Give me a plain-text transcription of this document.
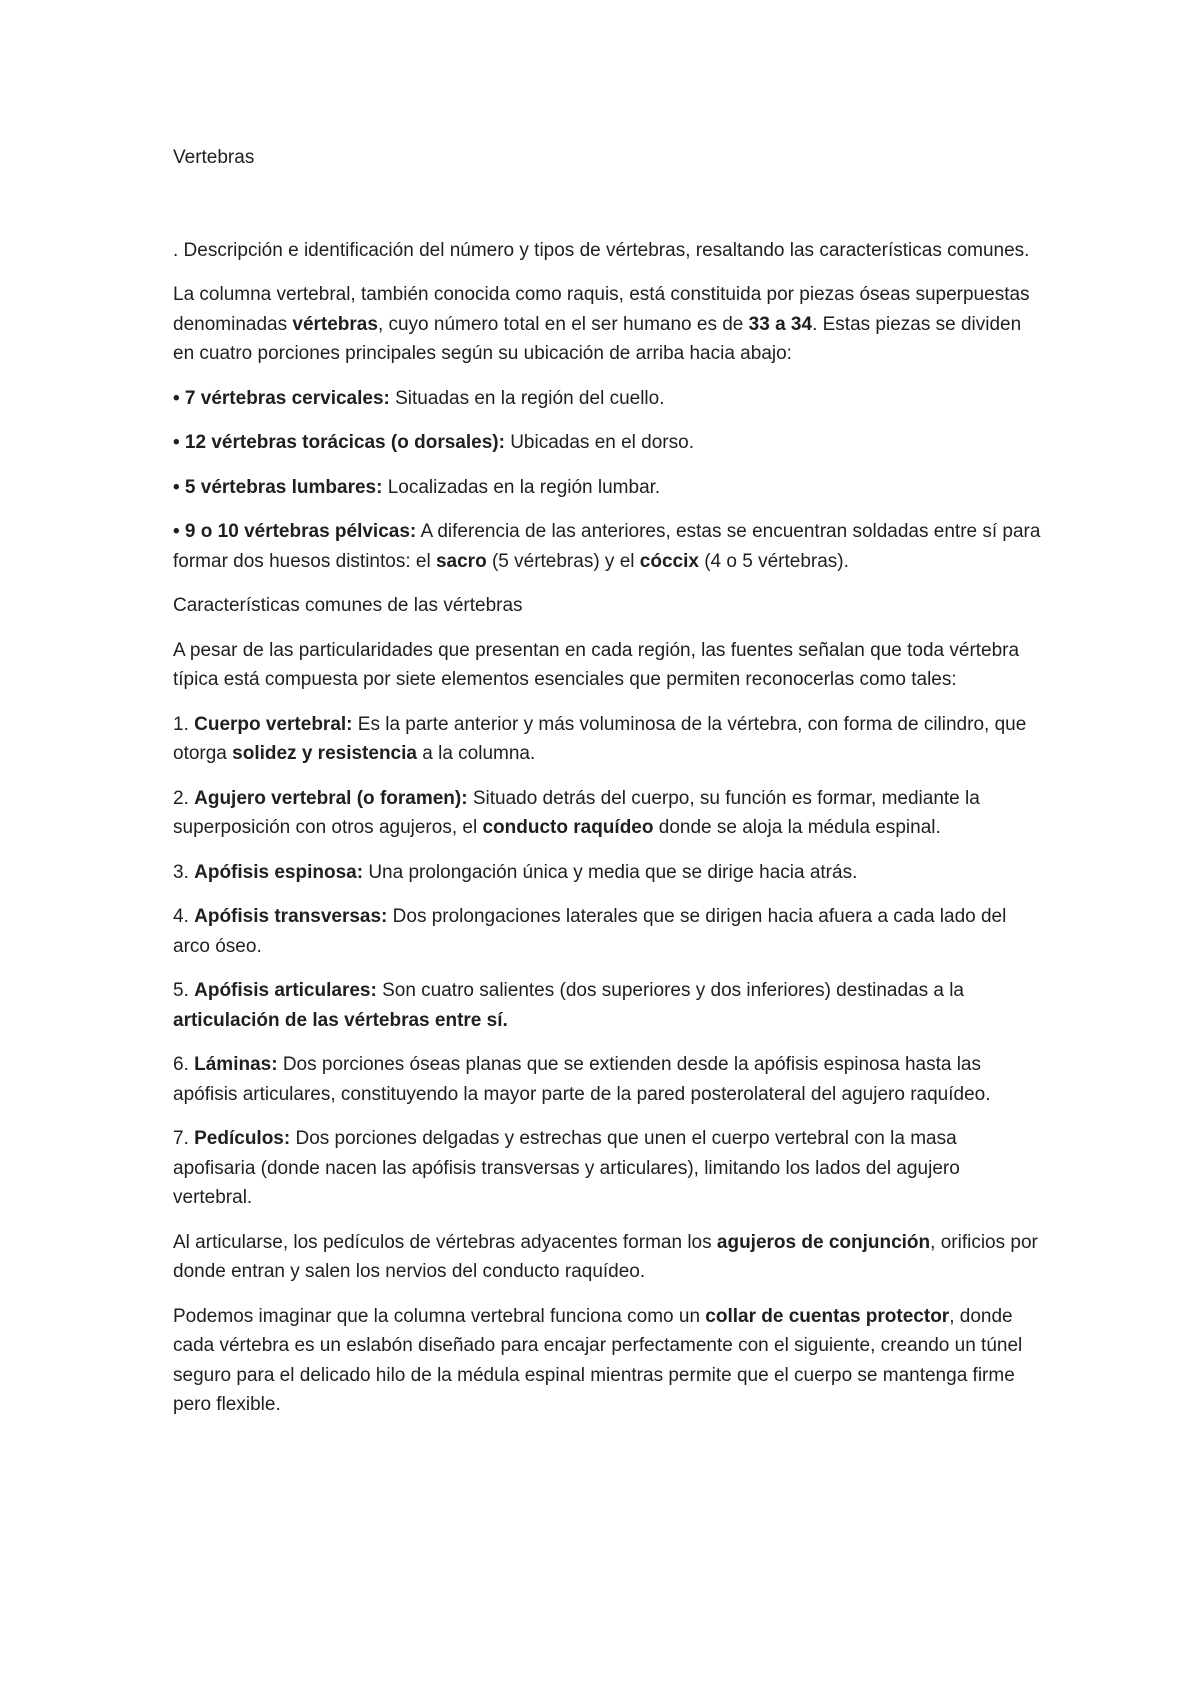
Vertebras

. Descripción e identificación del número y tipos de vértebras, resaltando las características comunes.

La columna vertebral, también conocida como raquis, está constituida por piezas óseas superpuestas denominadas vértebras, cuyo número total en el ser humano es de 33 a 34. Estas piezas se dividen en cuatro porciones principales según su ubicación de arriba hacia abajo:

• 7 vértebras cervicales: Situadas en la región del cuello.

• 12 vértebras torácicas (o dorsales): Ubicadas en el dorso.

• 5 vértebras lumbares: Localizadas en la región lumbar.

• 9 o 10 vértebras pélvicas: A diferencia de las anteriores, estas se encuentran soldadas entre sí para formar dos huesos distintos: el sacro (5 vértebras) y el cóccix (4 o 5 vértebras).

Características comunes de las vértebras

A pesar de las particularidades que presentan en cada región, las fuentes señalan que toda vértebra típica está compuesta por siete elementos esenciales que permiten reconocerlas como tales:

1. Cuerpo vertebral: Es la parte anterior y más voluminosa de la vértebra, con forma de cilindro, que otorga solidez y resistencia a la columna.

2. Agujero vertebral (o foramen): Situado detrás del cuerpo, su función es formar, mediante la superposición con otros agujeros, el conducto raquídeo donde se aloja la médula espinal.

3. Apófisis espinosa: Una prolongación única y media que se dirige hacia atrás.

4. Apófisis transversas: Dos prolongaciones laterales que se dirigen hacia afuera a cada lado del arco óseo.

5. Apófisis articulares: Son cuatro salientes (dos superiores y dos inferiores) destinadas a la articulación de las vértebras entre sí.

6. Láminas: Dos porciones óseas planas que se extienden desde la apófisis espinosa hasta las apófisis articulares, constituyendo la mayor parte de la pared posterolateral del agujero raquídeo.

7. Pedículos: Dos porciones delgadas y estrechas que unen el cuerpo vertebral con la masa apofisaria (donde nacen las apófisis transversas y articulares), limitando los lados del agujero vertebral.

Al articularse, los pedículos de vértebras adyacentes forman los agujeros de conjunción, orificios por donde entran y salen los nervios del conducto raquídeo.

Podemos imaginar que la columna vertebral funciona como un collar de cuentas protector, donde cada vértebra es un eslabón diseñado para encajar perfectamente con el siguiente, creando un túnel seguro para el delicado hilo de la médula espinal mientras permite que el cuerpo se mantenga firme pero flexible.
